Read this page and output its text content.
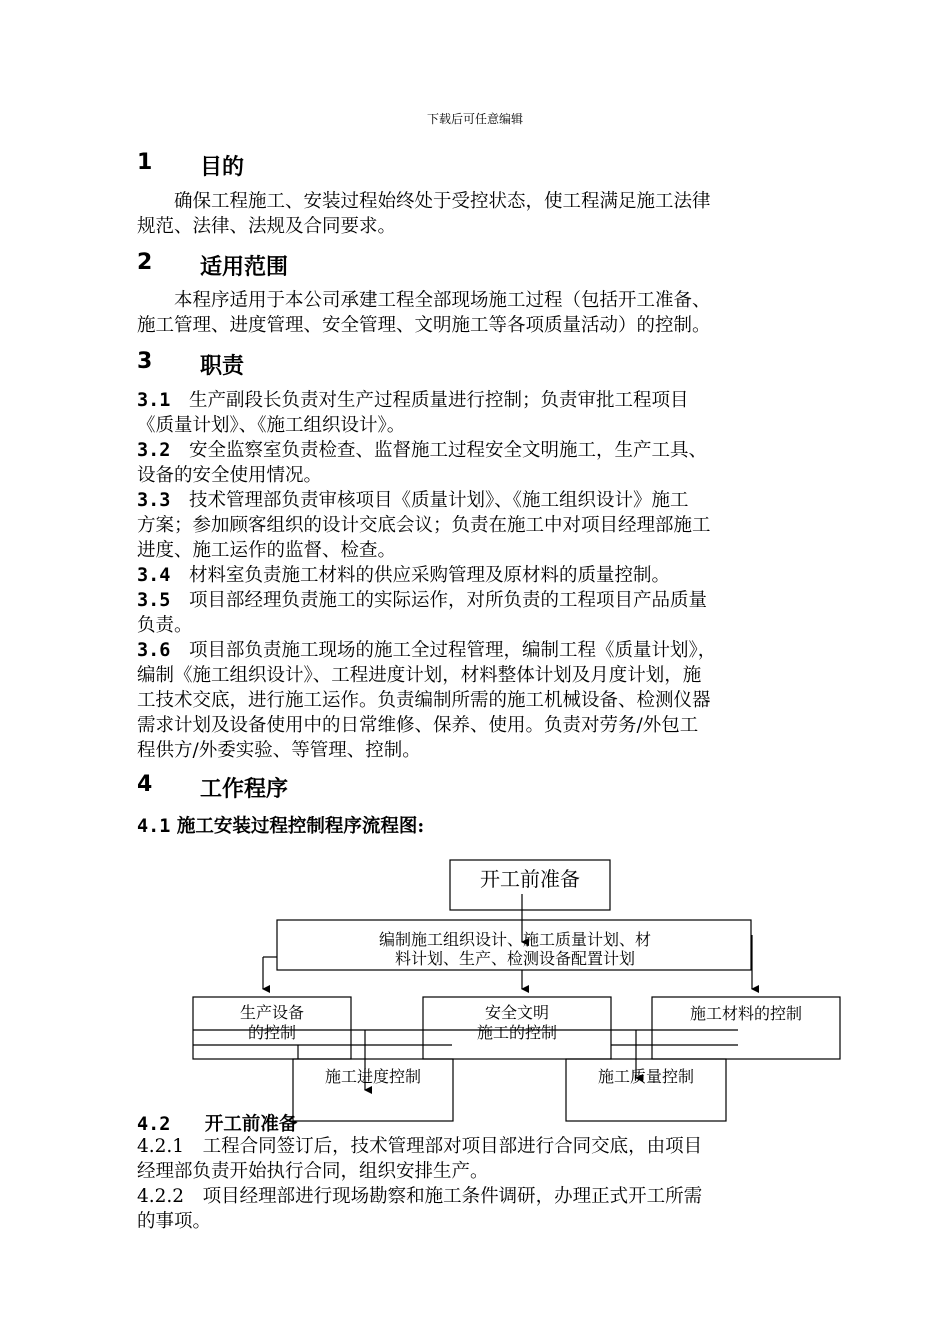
下载后可任意编辑
1 目的
　　确保工程施工、安装过程始终处于受控状态，使工程满足施工法律
规范、法律、法规及合同要求。
2 适用范围
　　本程序适用于本公司承建工程全部现场施工过程（包括开工准备、
施工管理、进度管理、安全管理、文明施工等各项质量活动）的控制。
3 职责
3.1　 生产副段长负责对生产过程质量进行控制；负责审批工程项目
《质量计划》、《施工组织设计》。
3.2　 安全监察室负责检查、监督施工过程安全文明施工，生产工具、
设备的安全使用情况。
3.3　 技术管理部负责审核项目《质量计划》、《施工组织设计》施工
方案；参加顾客组织的设计交底会议；负责在施工中对项目经理部施工
进度、施工运作的监督、检查。
3.4　 材料室负责施工材料的供应采购管理及原材料的质量控制。
3.5　 项目部经理负责施工的实际运作，对所负责的工程项目产品质量
负责。
3.6　 项目部负责施工现场的施工全过程管理，编制工程《质量计划》，
编制《施工组织设计》、工程进度计划，材料整体计划及月度计划，施
工技术交底，进行施工运作。负责编制所需的施工机械设备、检测仪器
需求计划及设备使用中的日常维修、保养、使用。负责对劳务/外包工
程供方/外委实验、等管理、控制。
4 工作程序
4.1 施工安装过程控制程序流程图:
开工前准备
编制施工组织设计、施工质量计划、材
料计划、生产、检测设备配置计划
生产设备
的控制
安全文明
施工的控制
施工材料的控制
施工进度控制	施工质量控制
4.2 开工前准备
4.2.1　 工程合同签订后，技术管理部对项目部进行合同交底，由项目
经理部负责开始执行合同，组织安排生产。
4.2.2　 项目经理部进行现场勘察和施工条件调研，办理正式开工所需
的事项。
